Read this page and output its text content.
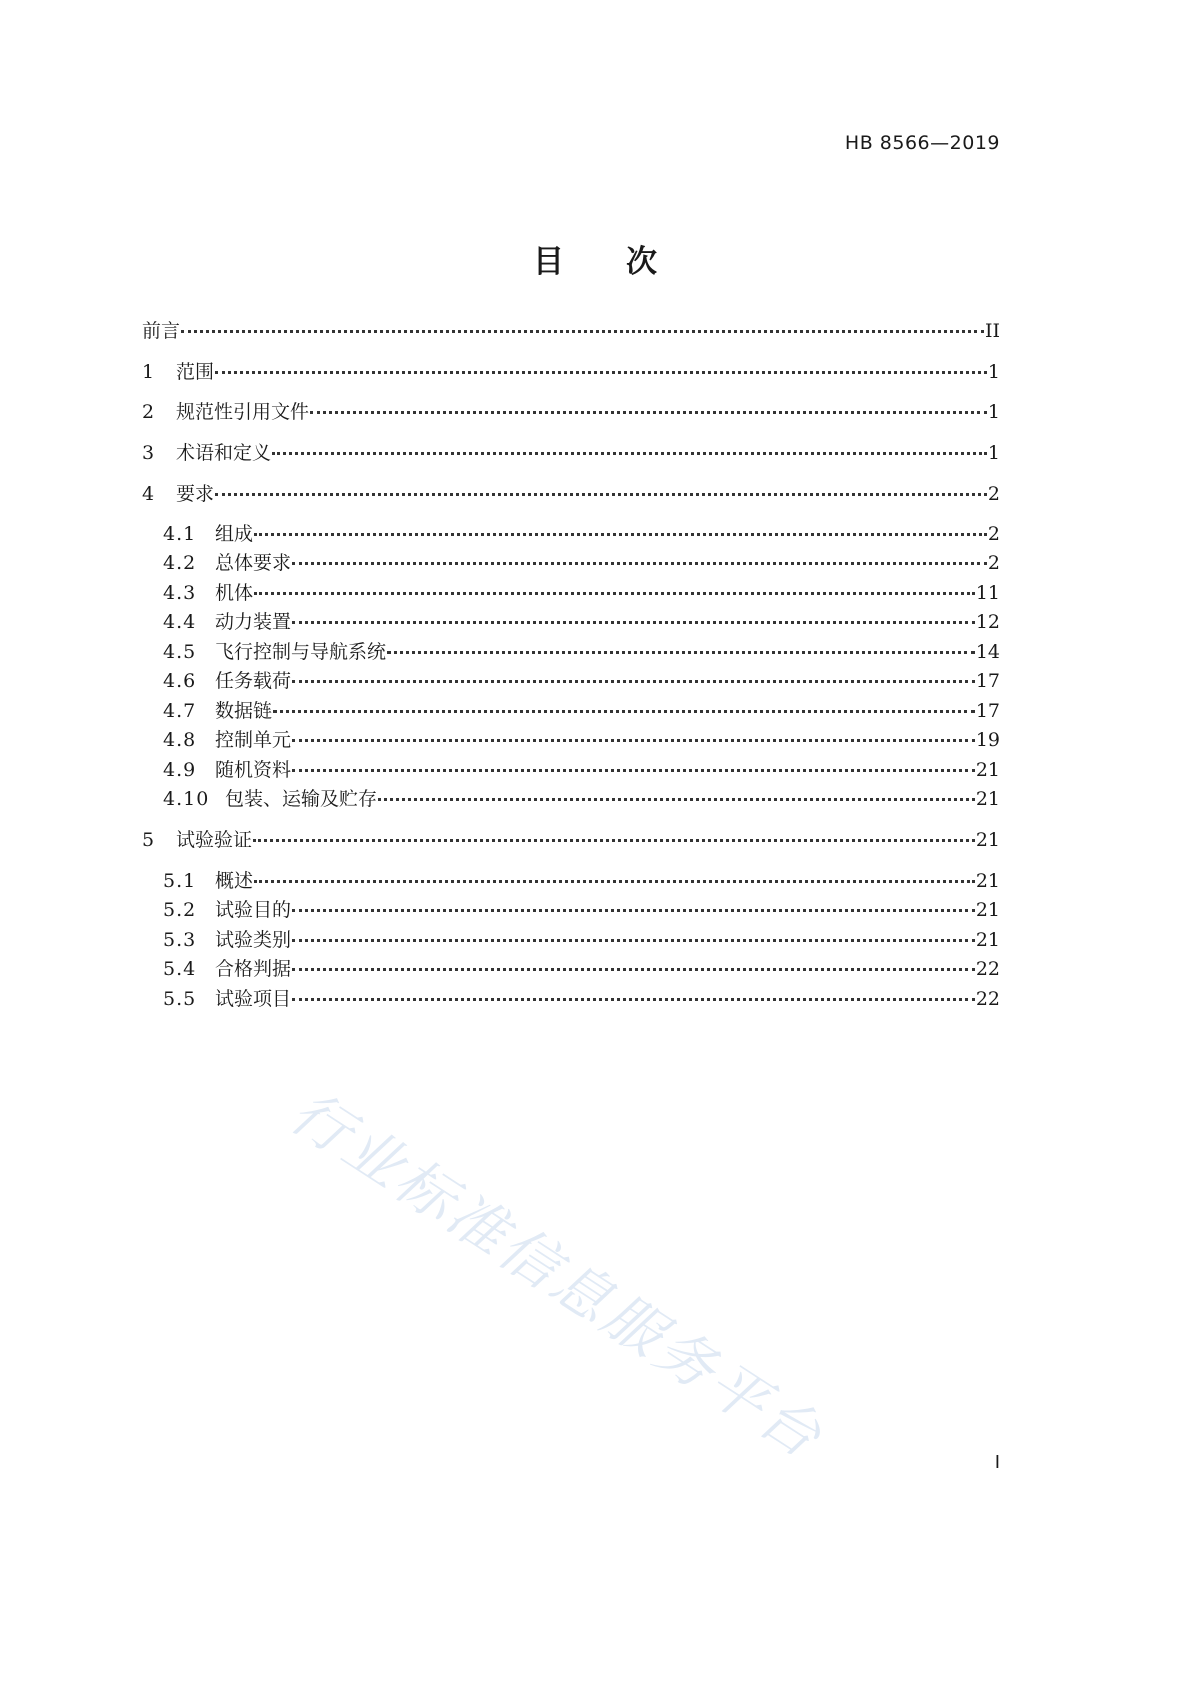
HB 8566—2019
目 次
前言	II
1	范围	1
2	规范性引用文件	1
3	术语和定义	1
4	要求	2
4.1 组成	2
4.2 总体要求	2
4.3 机体	11
4.4 动力装置	12
4.5 飞行控制与导航系统	14
4.6 任务载荷	17
4.7 数据链	17
4.8 控制单元	19
4.9 随机资料	21
4.10 包装、运输及贮存	21
5	试验验证	21
5.1 概述	21
5.2 试验目的	21
5.3 试验类别	21
5.4 合格判据	22
5.5 试验项目	22
行业标准信息服务平台	I
